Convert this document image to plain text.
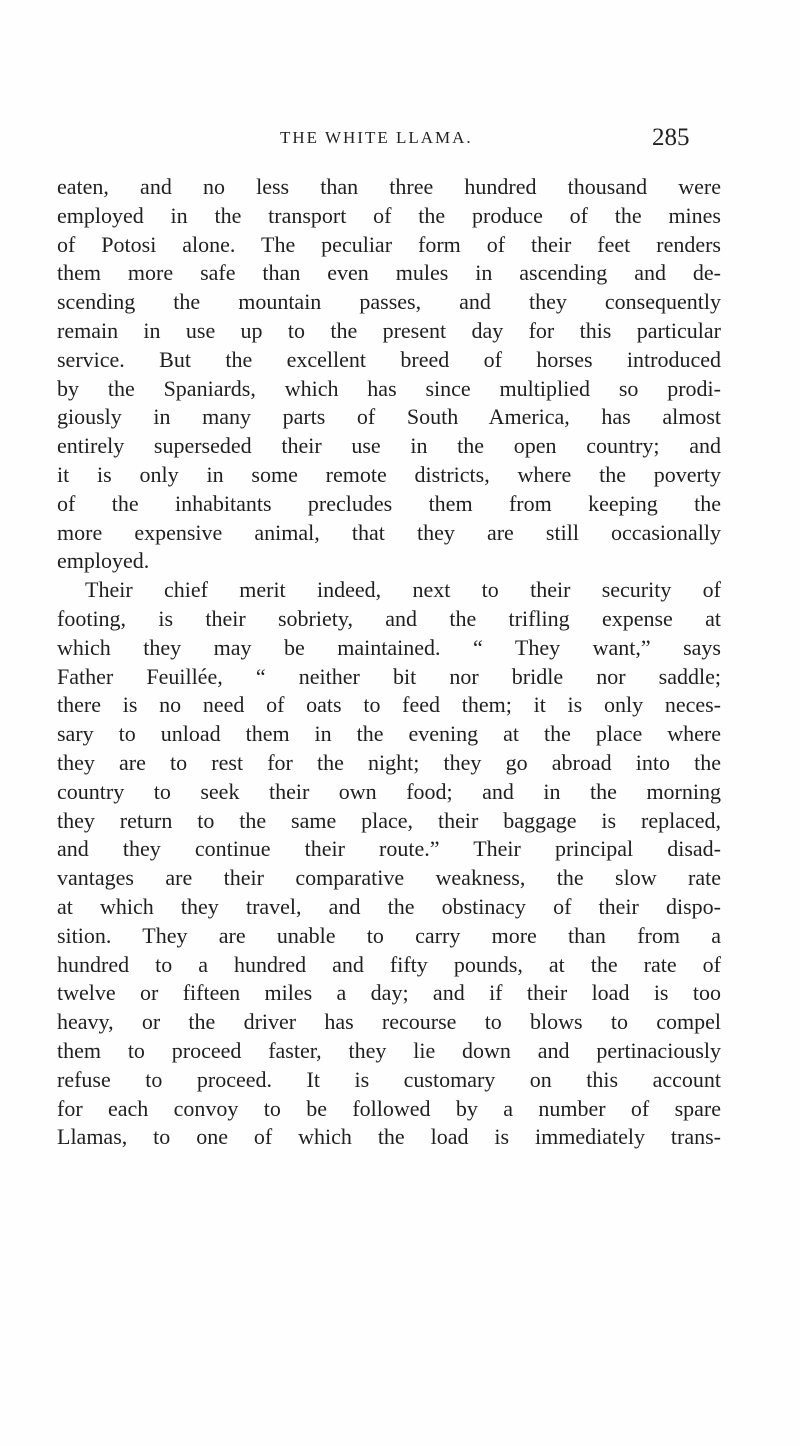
THE WHITE LLAMA.	285
eaten, and no less than three hundred thousand were
employed in the transport of the produce of the mines
of Potosi alone. The peculiar form of their feet renders
them more safe than even mules in ascending and de-
scending the mountain passes, and they consequently
remain in use up to the present day for this particular
service. But the excellent breed of horses introduced
by the Spaniards, which has since multiplied so prodi-
giously in many parts of South America, has almost
entirely superseded their use in the open country; and
it is only in some remote districts, where the poverty
of the inhabitants precludes them from keeping the
more expensive animal, that they are still occasionally
employed.
Their chief merit indeed, next to their security of
footing, is their sobriety, and the trifling expense at
which they may be maintained. “ They want,” says
Father Feuillée, “ neither bit nor bridle nor saddle;
there is no need of oats to feed them; it is only neces-
sary to unload them in the evening at the place where
they are to rest for the night; they go abroad into the
country to seek their own food; and in the morning
they return to the same place, their baggage is replaced,
and they continue their route.” Their principal disad-
vantages are their comparative weakness, the slow rate
at which they travel, and the obstinacy of their dispo-
sition. They are unable to carry more than from a
hundred to a hundred and fifty pounds, at the rate of
twelve or fifteen miles a day; and if their load is too
heavy, or the driver has recourse to blows to compel
them to proceed faster, they lie down and pertinaciously
refuse to proceed. It is customary on this account
for each convoy to be followed by a number of spare
Llamas, to one of which the load is immediately trans-
